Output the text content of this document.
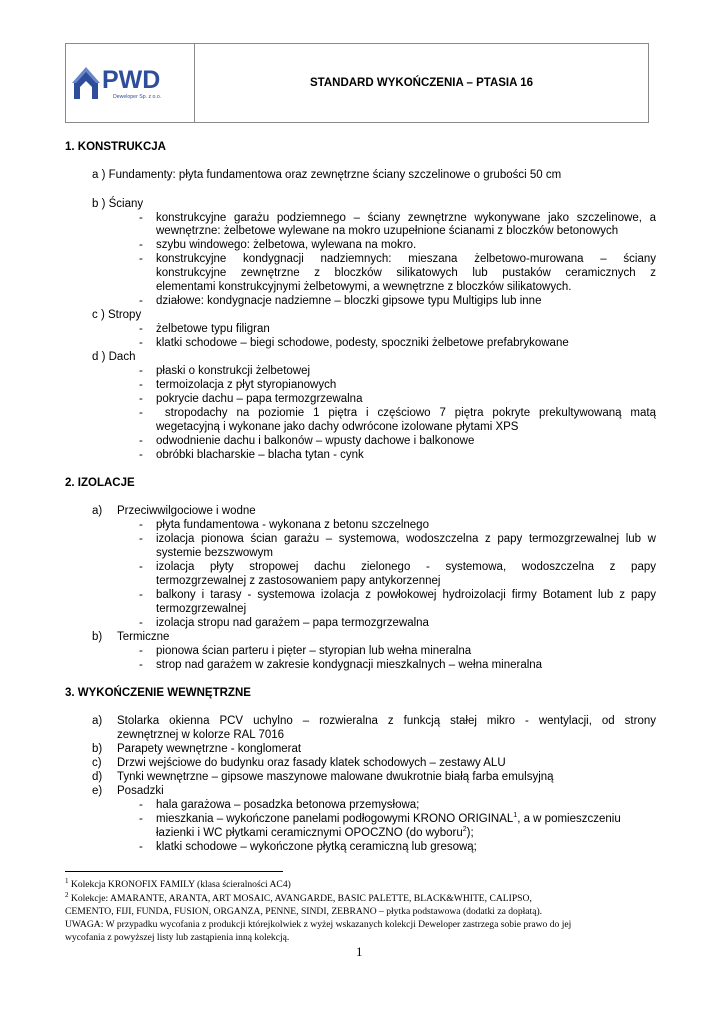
PWD
Deweloper Sp. z o.o.
STANDARD WYKOŃCZENIA – PTASIA 16
1. KONSTRUKCJA
a ) Fundamenty: płyta fundamentowa oraz zewnętrzne ściany szczelinowe o grubości 50 cm
b ) Ściany
- konstrukcyjne garażu podziemnego – ściany zewnętrzne wykonywane jako szczelinowe, a
wewnętrzne: żelbetowe wylewane na mokro uzupełnione ścianami z bloczków betonowych
- szybu windowego: żelbetowa, wylewana na mokro.
- konstrukcyjne kondygnacji nadziemnych: mieszana żelbetowo-murowana – ściany
konstrukcyjne zewnętrzne z bloczków silikatowych lub pustaków ceramicznych z
elementami konstrukcyjnymi żelbetowymi, a wewnętrzne z bloczków silikatowych.
- działowe: kondygnacje nadziemne – bloczki gipsowe typu Multigips lub inne
c ) Stropy
- żelbetowe typu filigran
- klatki schodowe – biegi schodowe, podesty, spoczniki żelbetowe prefabrykowane
d ) Dach
- płaski o konstrukcji żelbetowej
- termoizolacja z płyt styropianowych
- pokrycie dachu – papa termozgrzewalna
- stropodachy na poziomie 1 piętra i częściowo 7 piętra pokryte prekultywowaną matą
wegetacyjną i wykonane jako dachy odwrócone izolowane płytami XPS
- odwodnienie dachu i balkonów – wpusty dachowe i balkonowe
- obróbki blacharskie – blacha tytan - cynk
2. IZOLACJE
a) Przeciwwilgociowe i wodne
- płyta fundamentowa - wykonana z betonu szczelnego
- izolacja pionowa ścian garażu – systemowa, wodoszczelna z papy termozgrzewalnej lub w
systemie bezszwowym
- izolacja płyty stropowej dachu zielonego - systemowa, wodoszczelna z papy
termozgrzewalnej z zastosowaniem papy antykorzennej
- balkony i tarasy - systemowa izolacja z powłokowej hydroizolacji firmy Botament lub z papy
termozgrzewalnej
- izolacja stropu nad garażem – papa termozgrzewalna
b) Termiczne
- pionowa ścian parteru i pięter – styropian lub wełna mineralna
- strop nad garażem w zakresie kondygnacji mieszkalnych – wełna mineralna
3. WYKOŃCZENIE WEWNĘTRZNE
a) Stolarka okienna PCV uchylno – rozwieralna z funkcją stałej mikro - wentylacji, od strony
zewnętrznej w kolorze RAL 7016
b) Parapety wewnętrzne - konglomerat
c) Drzwi wejściowe do budynku oraz fasady klatek schodowych – zestawy ALU
d) Tynki wewnętrzne – gipsowe maszynowe malowane dwukrotnie białą farba emulsyjną
e) Posadzki
- hala garażowa – posadzka betonowa przemysłowa;
- mieszkania – wykończone panelami podłogowymi KRONO ORIGINAL$^1$, a w pomieszczeniu
łazienki i WC płytkami ceramicznymi OPOCZNO (do wyboru$^2$);
- klatki schodowe – wykończone płytką ceramiczną lub gresową;
$^1$ Kolekcja KRONOFIX FAMILY (klasa ścieralności AC4)
$^2$ Kolekcje: AMARANTE, ARANTA, ART MOSAIC, AVANGARDE, BASIC PALETTE, BLACK&WHITE, CALIPSO,
CEMENTO, FIJI, FUNDA, FUSION, ORGANZA, PENNE, SINDI, ZEBRANO – płytka podstawowa (dodatki za dopłatą).
UWAGA: W przypadku wycofania z produkcji którejkolwiek z wyżej wskazanych kolekcji Deweloper zastrzega sobie prawo do jej
wycofania z powyższej listy lub zastąpienia inną kolekcją.
1
